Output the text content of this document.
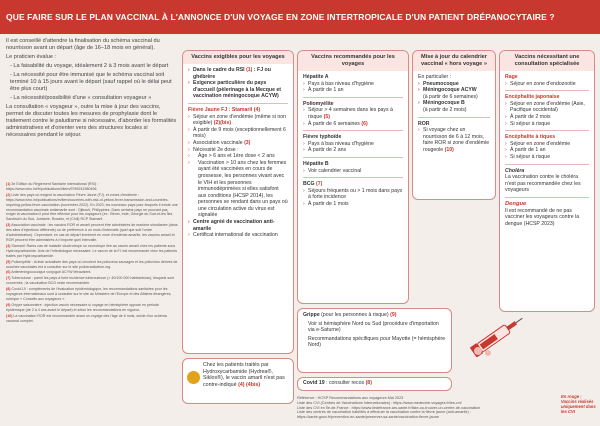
QUE FAIRE SUR LE PLAN VACCINAL À L'ANNONCE D'UN VOYAGE EN ZONE INTERTROPICALE D'UN PATIENT DRÉPANOCYTAIRE ?

Il est conseillé d'attendre la finalisation du schéma vaccinal du nourrisson avant un départ (âge de 16–18 mois en général).

Le praticien évalue :

- La faisabilité du voyage, idéalement 2 à 3 mois avant le départ

- La nécessité pour être immunisé que le schéma vaccinal soit terminé 10 à 15 jours avant le départ (sauf rappel où le délai peut être plus court)

- La nécessité/possibilité d'une « consultation voyageur »

La consultation « voyageur », outre la mise à jour des vaccins, permet de discuter toutes les mesures de prophylaxie dont le traitement contre le paludisme si nécessaire, d'aborder les formalités administratives et d'orienter vers des structures locales si nécessaires pendant le séjour.

(1) 3e Édition du Règlement Sanitaire International (RSI) : https://www.who.int/fr/publications/i/item/9789241580496
(2) Liste des pays où exigent la vaccination Fièvre Jaune (FJ), et zones d'endémie : https://www.who.int/publications/m/item/countries-with-risk-of-yellow-fever-transmission-and-countries-requiring-yellow-fever-vaccination-(november-2022). En 2023, les nouveaux pays pour lesquels il existe une recommandation vaccinale antiamarile sont : Djibouti, Philippines. Dans certains pays ne pouvant pas exiger la vaccination il peut être effectué pour les voyageurs (ex : Bénin, Inde, Géorgie du Sud-et-les Îles Sandwich du Sud, Jordanie, Rosario, et (Chili) RCP Stamaril.
(3) Association vaccinale : les vaccins ROR et amaril peuvent être administrés de manière simultanée (dans des sites d'injections différents) ou de préférence à un mois d'intervalle (quel que soit l'ordre d'administration). Cependant, en cas de départ imminent en zone d'endémie amarile, les vaccins amaril et ROR peuvent être administrés à n'importe quel intervalle.
(4) Stamaril: Rares cas de maladie viscérotrope ou neurotrope liée au vaccin amaril chez les patients sous Hydroxycarbamide. Avis de l'infectiologue nécessaire. Le vaccin de la FJ est recommandé chez les patients traités par Hydroxycarbamide.
(5) Poliomyélite : la liste actualisée des pays où circulent les poliovirus sauvages et les poliovirus dérivés de souches vaccinales est à consulter sur le site polioeradication.org.
(6) Antiméningococcique conjugué ACYW tétravalent.
(7) Tuberculose : parmi les pays à forte incidence tuberculeuse (> 40/100 000 habitants/an), lesquels sont concernés ; la vaccination BCG reste recommandée.
(8) Covid-19 : compléments de l'évaluation épidémiologique, les recommandations sanitaires pour les voyageurs internationaux sont à consulter sur le site du Ministère de l'Europe et des Affaires étrangères, rubrique « Conseils aux voyageurs ».
(9) Grippe saisonnière : injection vaccin nécessaire si voyage en hémisphère opposé en période épidémique (de 2 à 4 ans avant le départ) et selon les recommandations en vigueur.
(10) La vaccination ROR est recommandée avant un voyage dès l'âge de 6 mois, suivie d'un schéma vaccinal complet.
Vaccins exigibles pour les voyages
› Dans le cadre du RSI (1) : FJ ou ghébrère
› Exigence particulière du pays d'accueil (pèlerinage à la Mecque et vaccination méningocoque ACYW)
Fièvre Jaune FJ : Stamaril (4)
› Séjour en zone d'endémie (même si non exigible) (2)(bis)
› À partir de 9 mois (exceptionnellement 6 mois)
› Association vaccinale (3)
› Nécessité 2e dose :
› Âge > 6 ans et 1ère dose < 2 ans
› Vaccination > 10 ans chez les femmes ayant été vaccinées en cours de grossesse, les personnes vivant avec le VIH et les personnes immunodéprimées si elles satisfont aux conditions (HCSP 2014), les personnes se rendant dans un pays où une circulation active du virus est signalée
› Centre agréé de vaccination anti-amarile
› Certificat international de vaccination
Chez les patients traités par Hydroxycarbamide (Hydrea®, Siklos®), le vaccin amaril n'est pas contre-indiqué (4) (4bis)
Vaccins recommandés pour les voyages
Hépatite A
› Pays à bas niveau d'hygiène
› À partir de 1 an
Poliomyélite
› Séjour > 4 semaines dans les pays à risque (5)
› À partir de 6 semaines (6)
Fièvre typhoïde
› Pays à bas niveau d'hygiène
› À partir de 2 ans
Hépatite B
› Voir calendrier vaccinal
BCG (7)
› Séjours fréquents ou > 1 mois dans pays à forte incidence
› À partir de 1 mois
Mise à jour du calendrier vaccinal « hors voyage »
En particulier :
› Pneumocoque
› Méningocoque ACYW
(à partir de 6 semaines)
› Méningocoque B
(à partir de 2 mois)
ROR
› Si voyage chez un nourrisson de 6 à 12 mois, faire ROR si zone d'endémie rougeole (10)
Vaccins nécessitant une consultation spécialisée
Rage
› Séjour en zone d'endozootie
Encéphalite japonaise
› Séjour en zone d'endémie (Asie, Pacifique occidental)
› À partir de 2 mois
› Si séjour à risque
Encéphalite à tiques
› Séjour en zone d'endémie
› À partir de 1 an
› Si séjour à risque
Choléra
La vaccination contre le choléra n'est pas recommandée chez les voyageurs
Dengue
Il est recommandé de ne pas vacciner les voyageurs contre la dengue (HCSP 2023)
Grippe (pour les personnes à risque) (9)
Voir si hémisphère Nord ou Sud (procédure d'importation via e-Saturne)
Recommandations spécifiques pour Mayotte (= hémisphère Nord)
Covid 19 : consulter recos (8)
Référence : HCSP Recommandations aux voyageurs Mai 2023
Liste des CVI (Centres de Vaccinations Internationales) : https://www.medecine-voyages.fr/les-cvi/
Liste des CVI en Île-de-France : https://www.iledefrance.ars.sante.fr/liste-ou-trouver-un-centre-de-vaccination
Liste des centres de vaccination habilités à effectuer la vaccination contre la fièvre jaune (anti-amarile) :
https://sante.gouv.fr/prevention-en-sante/preserver-sa-sante/vaccination-fievre-jaune
En rouge : Vaccins réalisés uniquement dans les CVI
